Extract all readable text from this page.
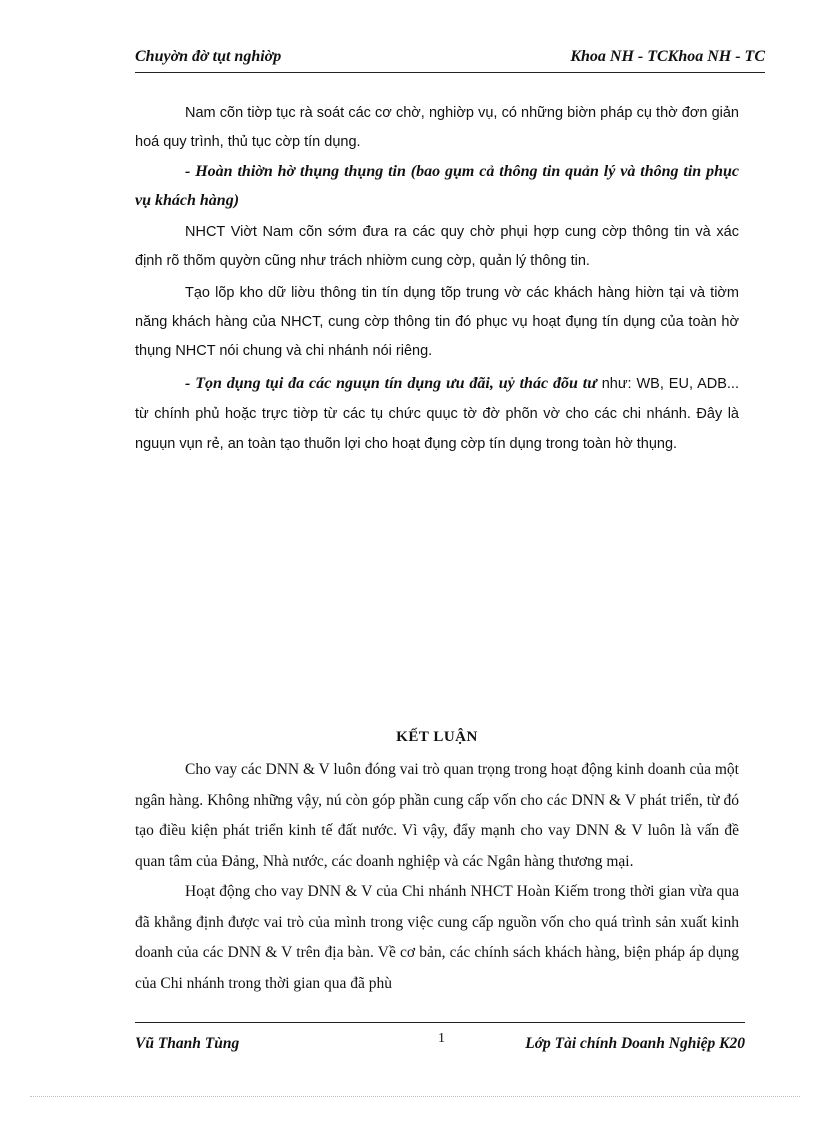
Chuyờn đờ tụt nghiờp	Khoa NH - TCKhoa NH - TC

Nam cõn tiờp tục rà soát các cơ chờ, nghiờp vụ, có những biờn pháp cụ thờ đơn giản hoá quy trình, thủ tục cờp tín dụng.

- Hoàn thiờn hờ thụng thụng tin (bao gụm cả thông tin quản lý và thông tin phục vụ khách hàng)

NHCT Viờt Nam cõn sớm đưa ra các quy chờ phụi hợp cung cờp thông tin và xác định rõ thõm quyờn cũng như trách nhiờm cung cờp, quản lý thông tin.

Tạo lõp kho dữ liờu thông tin tín dụng tõp trung vờ các khách hàng hiờn tại và tiờm năng khách hàng của NHCT, cung cờp thông tin đó phục vụ hoạt đụng tín dụng của toàn hờ thụng NHCT nói chung và chi nhánh nói riêng.

- Tọn dụng tụi đa các nguụn tín dụng ưu đãi, uỷ thác đõu tư như: WB, EU, ADB... từ chính phủ hoặc trực tiờp từ các tụ chức quục tờ đờ phõn vờ cho các chi nhánh. Đây là nguụn vụn rẻ, an toàn tạo thuõn lợi cho hoạt đụng cờp tín dụng trong toàn hờ thụng.

KẾT LUẬN

Cho vay các DNN & V luôn đóng vai trò quan trọng trong hoạt động kinh doanh của một ngân hàng. Không những vậy, nú còn góp phần cung cấp vốn cho các DNN & V phát triển, từ đó tạo điều kiện phát triển kinh tế đất nước. Vì vậy, đẩy mạnh cho vay DNN & V luôn là vấn đề quan tâm của Đảng, Nhà nước, các doanh nghiệp và các Ngân hàng thương mại.

Hoạt động cho vay DNN & V của Chi nhánh NHCT Hoàn Kiếm trong thời gian vừa qua đã khẳng định được vai trò của mình trong việc cung cấp nguồn vốn cho quá trình sản xuất kinh doanh của các DNN & V trên địa bàn. Về cơ bản, các chính sách khách hàng, biện pháp áp dụng của Chi nhánh trong thời gian qua đã phù

Vũ Thanh Tùng	1	Lớp Tài chính Doanh Nghiệp K20
